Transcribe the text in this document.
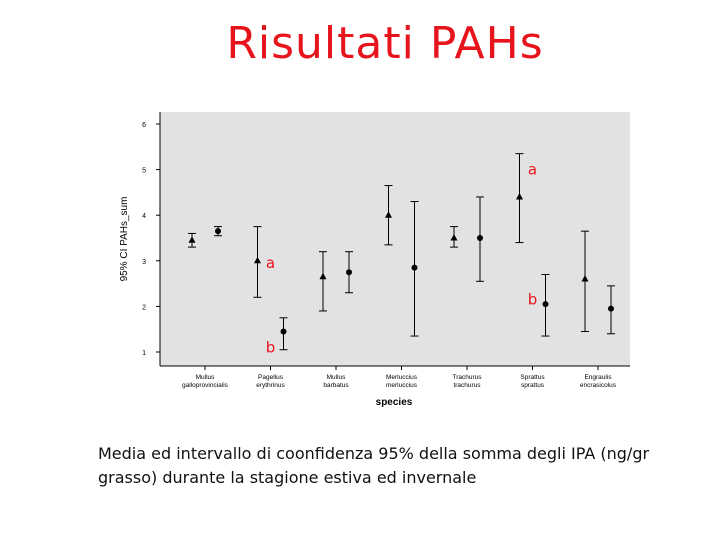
Risultati PAHs
1
2
3
4
5
6
Mullus
galloprovincialis
Pagellus
erythrinus
Mullus
barbatus
Merluccius
merluccius
Trachurus
trachurus
Sprattus
sprattus
Engraulis
encrasicolus
a
a
b
b
95% CI PAHs_sum
species
Media ed intervallo di coonfidenza 95% della somma degli IPA (ng/gr grasso) durante la stagione estiva ed invernale
